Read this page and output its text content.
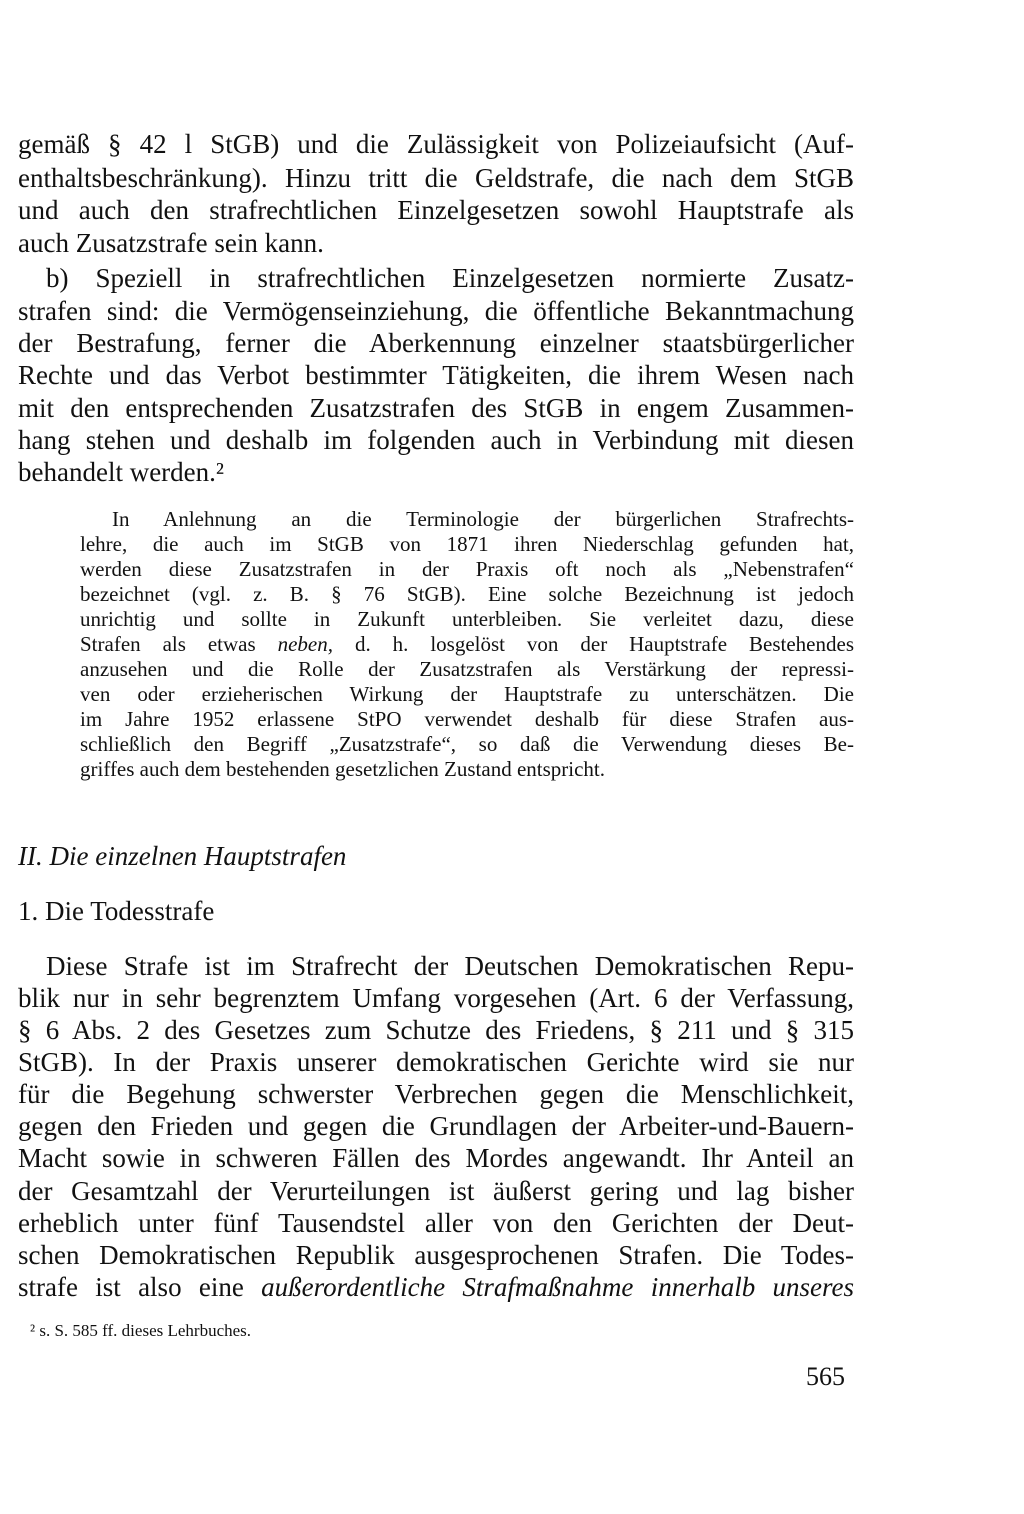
gemäß § 42 l StGB) und die Zulässigkeit von Polizeiaufsicht (Auf-
enthaltsbeschränkung). Hinzu tritt die Geldstrafe, die nach dem StGB
und auch den strafrechtlichen Einzelgesetzen sowohl Hauptstrafe als
auch Zusatzstrafe sein kann.
b) Speziell in strafrechtlichen Einzelgesetzen normierte Zusatz-
strafen sind: die Vermögenseinziehung, die öffentliche Bekanntmachung
der Bestrafung, ferner die Aberkennung einzelner staatsbürgerlicher
Rechte und das Verbot bestimmter Tätigkeiten, die ihrem Wesen nach
mit den entsprechenden Zusatzstrafen des StGB in engem Zusammen-
hang stehen und deshalb im folgenden auch in Verbindung mit diesen
behandelt werden.²
In Anlehnung an die Terminologie der bürgerlichen Strafrechts-
lehre, die auch im StGB von 1871 ihren Niederschlag gefunden hat,
werden diese Zusatzstrafen in der Praxis oft noch als „Nebenstrafen“
bezeichnet (vgl. z. B. § 76 StGB). Eine solche Bezeichnung ist jedoch
unrichtig und sollte in Zukunft unterbleiben. Sie verleitet dazu, diese
Strafen als etwas neben, d. h. losgelöst von der Hauptstrafe Bestehendes
anzusehen und die Rolle der Zusatzstrafen als Verstärkung der repressi-
ven oder erzieherischen Wirkung der Hauptstrafe zu unterschätzen. Die
im Jahre 1952 erlassene StPO verwendet deshalb für diese Strafen aus-
schließlich den Begriff „Zusatzstrafe“, so daß die Verwendung dieses Be-
griffes auch dem bestehenden gesetzlichen Zustand entspricht.
II. Die einzelnen Hauptstrafen
1. Die Todesstrafe
Diese Strafe ist im Strafrecht der Deutschen Demokratischen Repu-
blik nur in sehr begrenztem Umfang vorgesehen (Art. 6 der Verfassung,
§ 6 Abs. 2 des Gesetzes zum Schutze des Friedens, § 211 und § 315
StGB). In der Praxis unserer demokratischen Gerichte wird sie nur
für die Begehung schwerster Verbrechen gegen die Menschlichkeit,
gegen den Frieden und gegen die Grundlagen der Arbeiter-und-Bauern-
Macht sowie in schweren Fällen des Mordes angewandt. Ihr Anteil an
der Gesamtzahl der Verurteilungen ist äußerst gering und lag bisher
erheblich unter fünf Tausendstel aller von den Gerichten der Deut-
schen Demokratischen Republik ausgesprochenen Strafen. Die Todes-
strafe ist also eine außerordentliche Strafmaßnahme innerhalb unseres
² s. S. 585 ff. dieses Lehrbuches.
565
